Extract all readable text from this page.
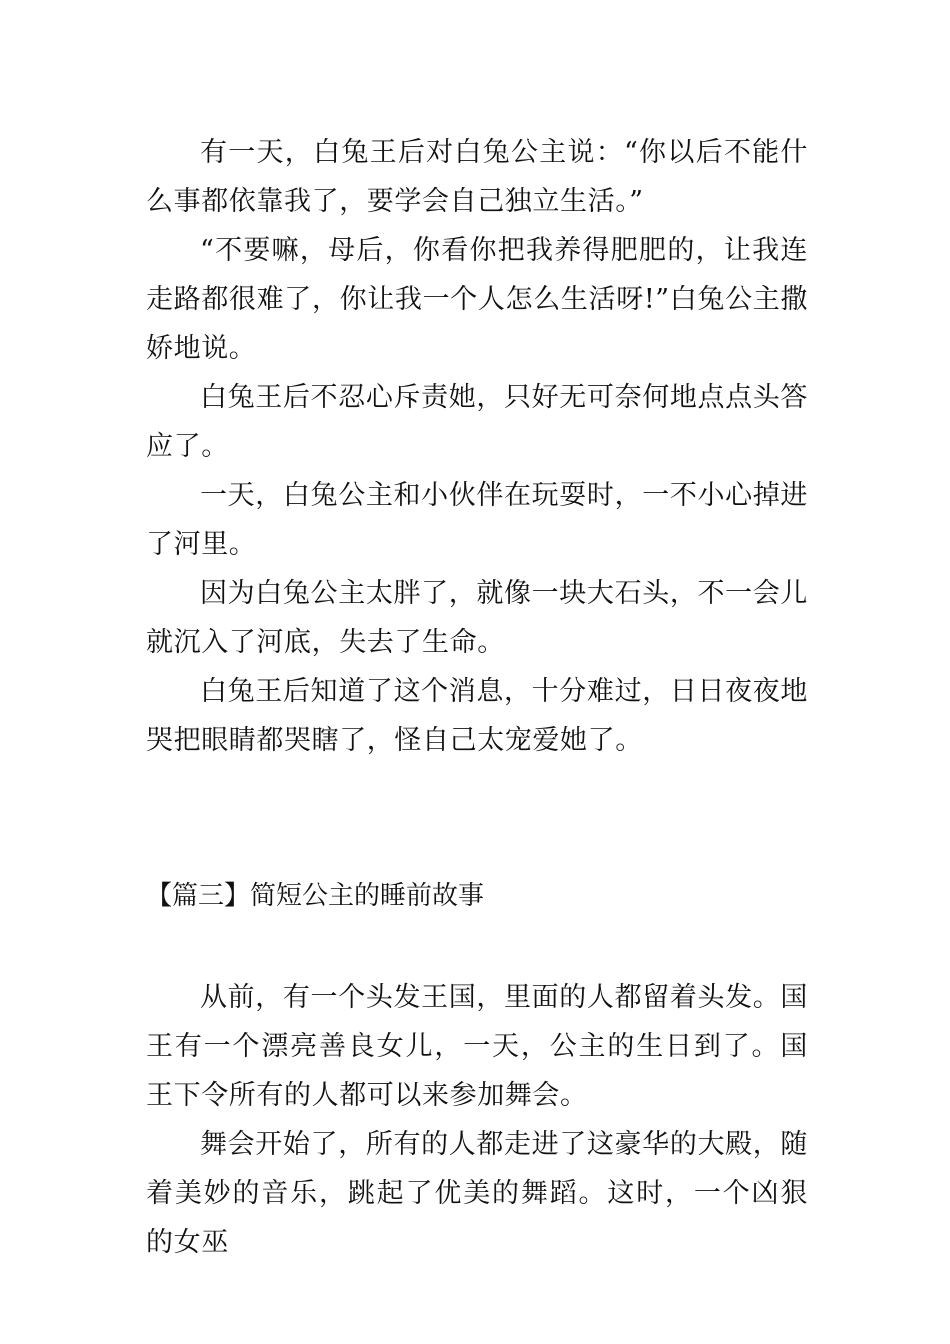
有一天，白兔王后对白兔公主说：“你以后不能什么事都依靠我了，要学会自己独立生活。”

“不要嘛，母后，你看你把我养得肥肥的，让我连走路都很难了，你让我一个人怎么生活呀!”白兔公主撒娇地说。

白兔王后不忍心斥责她，只好无可奈何地点点头答应了。

一天，白兔公主和小伙伴在玩耍时，一不小心掉进了河里。

因为白兔公主太胖了，就像一块大石头，不一会儿就沉入了河底，失去了生命。

白兔王后知道了这个消息，十分难过，日日夜夜地哭把眼睛都哭瞎了，怪自己太宠爱她了。

【篇三】简短公主的睡前故事

从前，有一个头发王国，里面的人都留着头发。国王有一个漂亮善良女儿，一天，公主的生日到了。国王下令所有的人都可以来参加舞会。

舞会开始了，所有的人都走进了这豪华的大殿，随着美妙的音乐，跳起了优美的舞蹈。这时，一个凶狠的女巫
